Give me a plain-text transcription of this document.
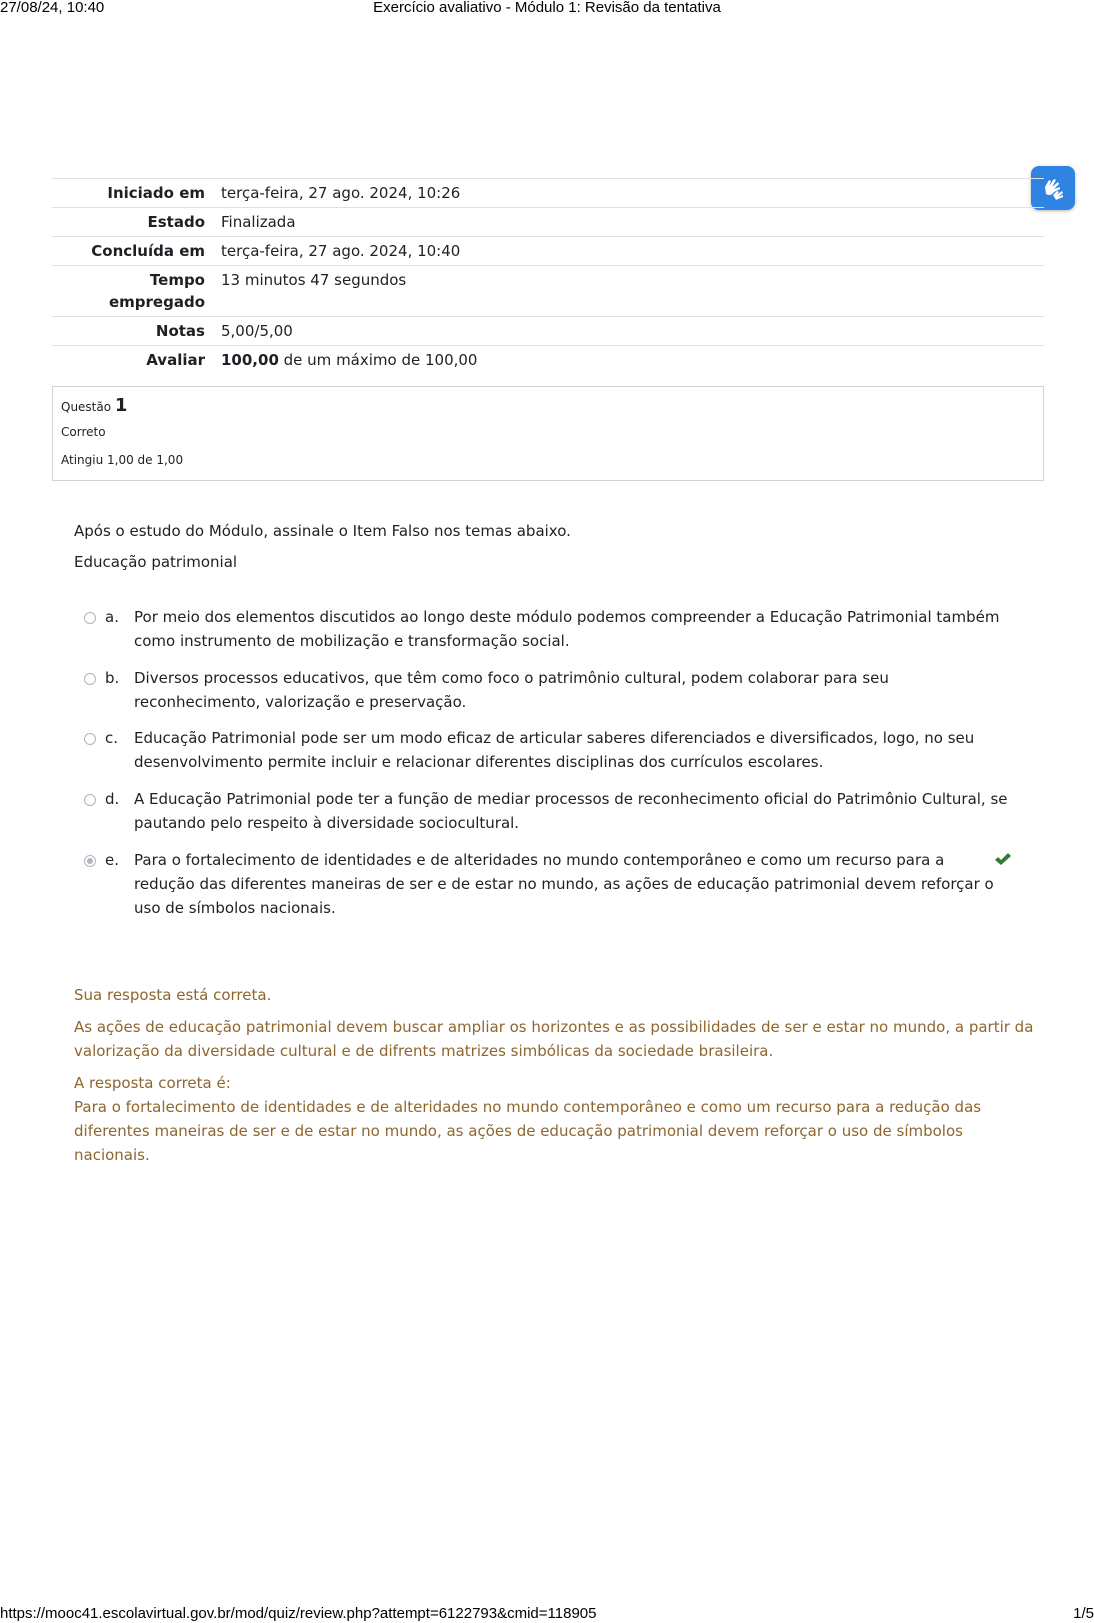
27/08/24, 10:40	Exercício avaliativo - Módulo 1: Revisão da tentativa
Iniciado em	terça-feira, 27 ago. 2024, 10:26
Estado	Finalizada
Concluída em	terça-feira, 27 ago. 2024, 10:40
Tempo empregado	13 minutos 47 segundos
Notas	5,00/5,00
Avaliar	100,00 de um máximo de 100,00
Questão 1
Correto
Atingiu 1,00 de 1,00
Após o estudo do Módulo, assinale o Item Falso nos temas abaixo.
Educação patrimonial
a. Por meio dos elementos discutidos ao longo deste módulo podemos compreender a Educação Patrimonial também como instrumento de mobilização e transformação social.
b. Diversos processos educativos, que têm como foco o patrimônio cultural, podem colaborar para seu reconhecimento, valorização e preservação.
c. Educação Patrimonial pode ser um modo eficaz de articular saberes diferenciados e diversificados, logo, no seu desenvolvimento permite incluir e relacionar diferentes disciplinas dos currículos escolares.
d. A Educação Patrimonial pode ter a função de mediar processos de reconhecimento oficial do Patrimônio Cultural, se pautando pelo respeito à diversidade sociocultural.
e. Para o fortalecimento de identidades e de alteridades no mundo contemporâneo e como um recurso para a redução das diferentes maneiras de ser e de estar no mundo, as ações de educação patrimonial devem reforçar o uso de símbolos nacionais.
Sua resposta está correta.
As ações de educação patrimonial devem buscar ampliar os horizontes e as possibilidades de ser e estar no mundo, a partir da valorização da diversidade cultural e de difrents matrizes simbólicas da sociedade brasileira.
A resposta correta é:
Para o fortalecimento de identidades e de alteridades no mundo contemporâneo e como um recurso para a redução das diferentes maneiras de ser e de estar no mundo, as ações de educação patrimonial devem reforçar o uso de símbolos nacionais.
https://mooc41.escolavirtual.gov.br/mod/quiz/review.php?attempt=6122793&cmid=118905	1/5
